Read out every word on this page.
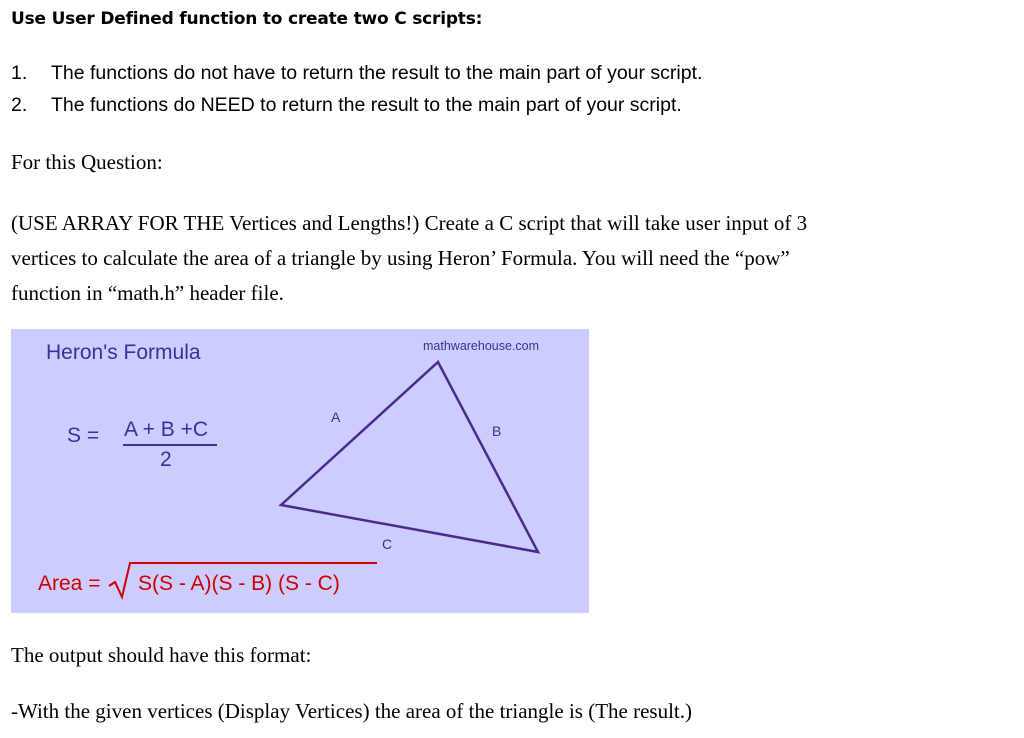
Use User Defined function to create two C scripts:
1. The functions do not have to return the result to the main part of your script.
2. The functions do NEED to return the result to the main part of your script.
For this Question:
(USE ARRAY FOR THE Vertices and Lengths!) Create a C script that will take user input of 3
vertices to calculate the area of a triangle by using Heron’ Formula. You will need the “pow”
function in “math.h” header file.
Heron's Formula	mathwarehouse.com
S = A + B +C
2
A
B
C
Area = S(S - A)(S - B) (S - C)
The output should have this format:
-With the given vertices (Display Vertices) the area of the triangle is (The result.)
